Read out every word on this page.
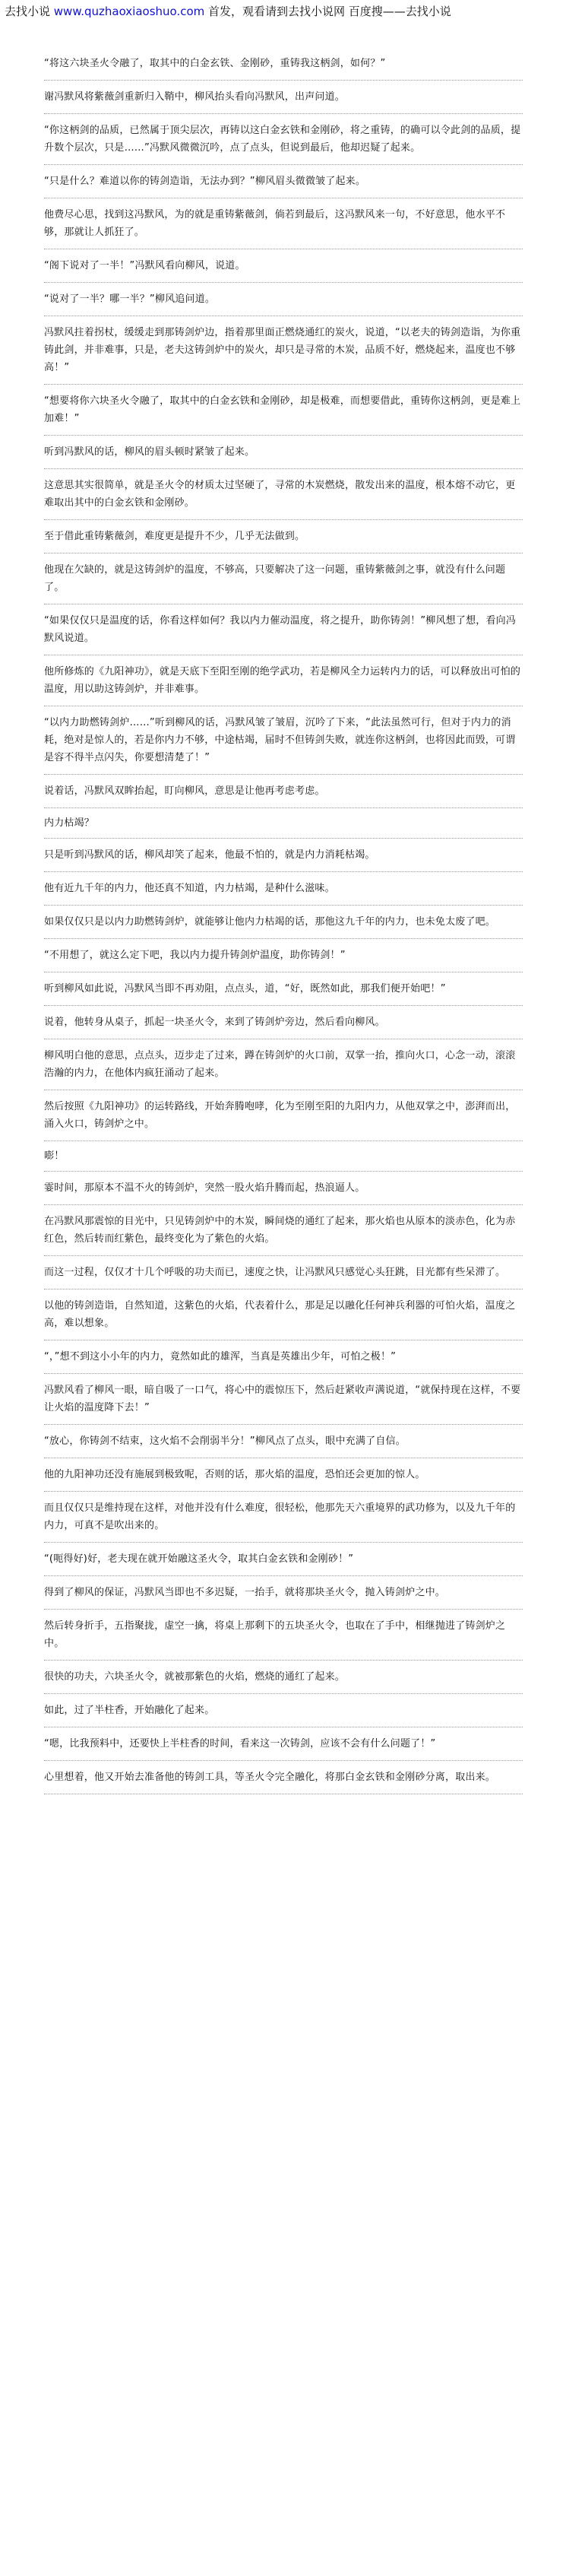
去找小说 www.quzhaoxiaoshuo.com 首发，观看请到去找小说网 百度搜——去找小说

“将这六块圣火令融了，取其中的白金玄铁、金刚砂，重铸我这柄剑，如何？”

谢冯默风将紫薇剑重新归入鞘中，柳风抬头看向冯默风，出声问道。

“你这柄剑的品质，已然属于顶尖层次，再铸以这白金玄铁和金刚砂，将之重铸，的确可以令此剑的品质，提升数个层次，只是……”冯默风微微沉吟，点了点头，但说到最后，他却迟疑了起来。

“只是什么？难道以你的铸剑造诣，无法办到？”柳风眉头微微皱了起来。

他费尽心思，找到这冯默风，为的就是重铸紫薇剑，倘若到最后，这冯默风来一句，不好意思，他水平不够，那就让人抓狂了。

“阁下说对了一半！”冯默风看向柳风，说道。

“说对了一半？哪一半？”柳风追问道。

冯默风拄着拐杖，缓缓走到那铸剑炉边，指着那里面正燃烧通红的炭火，说道，“以老夫的铸剑造诣，为你重铸此剑，并非难事，只是，老夫这铸剑炉中的炭火，却只是寻常的木炭，品质不好，燃烧起来，温度也不够高！”

“想要将你六块圣火令融了，取其中的白金玄铁和金刚砂，却是极难，而想要借此，重铸你这柄剑，更是难上加难！”

听到冯默风的话，柳风的眉头顿时紧皱了起来。

这意思其实很简单，就是圣火令的材质太过坚硬了，寻常的木炭燃烧，散发出来的温度，根本熔不动它，更难取出其中的白金玄铁和金刚砂。

至于借此重铸紫薇剑，难度更是提升不少，几乎无法做到。

他现在欠缺的，就是这铸剑炉的温度，不够高，只要解决了这一问题，重铸紫薇剑之事，就没有什么问题了。

“如果仅仅只是温度的话，你看这样如何？我以内力催动温度，将之提升，助你铸剑！”柳风想了想，看向冯默风说道。

他所修炼的《九阳神功》，就是天底下至阳至刚的绝学武功，若是柳风全力运转内力的话，可以释放出可怕的温度，用以助这铸剑炉，并非难事。

“以内力助燃铸剑炉……”听到柳风的话，冯默风皱了皱眉，沉吟了下来，“此法虽然可行，但对于内力的消耗，绝对是惊人的，若是你内力不够，中途枯竭，届时不但铸剑失败，就连你这柄剑，也将因此而毁，可谓是容不得半点闪失，你要想清楚了！”

说着话，冯默风双眸抬起，盯向柳风，意思是让他再考虑考虑。

内力枯竭？

只是听到冯默风的话，柳风却笑了起来，他最不怕的，就是内力消耗枯竭。

他有近九千年的内力，他还真不知道，内力枯竭，是种什么滋味。

如果仅仅只是以内力助燃铸剑炉，就能够让他内力枯竭的话，那他这九千年的内力，也未免太废了吧。

“不用想了，就这么定下吧，我以内力提升铸剑炉温度，助你铸剑！”

听到柳风如此说，冯默风当即不再劝阻，点点头，道，“好，既然如此，那我们便开始吧！”

说着，他转身从桌子，抓起一块圣火令，来到了铸剑炉旁边，然后看向柳风。

柳风明白他的意思，点点头，迈步走了过来，蹲在铸剑炉的火口前，双掌一抬，推向火口，心念一动，滚滚浩瀚的内力，在他体内疯狂涌动了起来。

然后按照《九阳神功》的运转路线，开始奔腾咆哮，化为至刚至阳的九阳内力，从他双掌之中，澎湃而出，涌入火口，铸剑炉之中。

嘭！

霎时间，那原本不温不火的铸剑炉，突然一股火焰升腾而起，热浪逼人。

在冯默风那震惊的目光中，只见铸剑炉中的木炭，瞬间烧的通红了起来，那火焰也从原本的淡赤色，化为赤红色，然后转而红紫色，最终变化为了紫色的火焰。

而这一过程，仅仅才十几个呼吸的功夫而已，速度之快，让冯默风只感觉心头狂跳，目光都有些呆滞了。

以他的铸剑造诣，自然知道，这紫色的火焰，代表着什么，那是足以融化任何神兵利器的可怕火焰，温度之高，难以想象。

“，”想不到这小小年的内力，竟然如此的雄浑，当真是英雄出少年，可怕之极！”

冯默风看了柳风一眼，暗自吸了一口气，将心中的震惊压下，然后赶紧收声满说道，“就保持现在这样，不要让火焰的温度降下去！”

“放心，你铸剑不结束，这火焰不会削弱半分！”柳风点了点头，眼中充满了自信。

他的九阳神功还没有施展到极致呢，否则的话，那火焰的温度，恐怕还会更加的惊人。

而且仅仅只是维持现在这样，对他并没有什么难度，很轻松，他那先天六重境界的武功修为，以及九千年的内力，可真不是吹出来的。

“(呃得好)好，老夫现在就开始融这圣火令，取其白金玄铁和金刚砂！”

得到了柳风的保证，冯默风当即也不多迟疑，一抬手，就将那块圣火令，抛入铸剑炉之中。

然后转身折手，五指聚拢，虚空一擒，将桌上那剩下的五块圣火令，也取在了手中，相继抛进了铸剑炉之中。

很快的功夫，六块圣火令，就被那紫色的火焰，燃烧的通红了起来。

如此，过了半柱香，开始融化了起来。

“嗯，比我预料中，还要快上半柱香的时间，看来这一次铸剑，应该不会有什么问题了！”

心里想着，他又开始去准备他的铸剑工具，等圣火令完全融化，将那白金玄铁和金刚砂分离，取出来。
